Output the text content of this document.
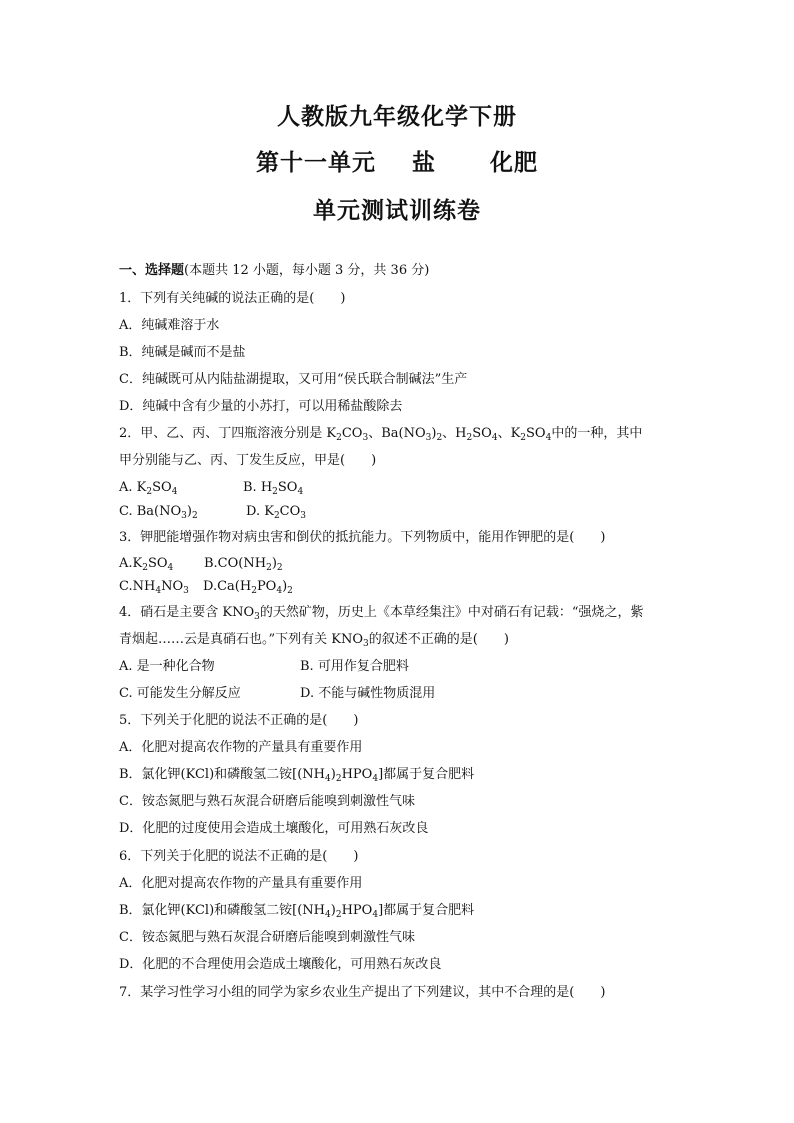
人教版九年级化学下册
第十一单元    盐      化肥
单元测试训练卷
一、选择题(本题共 12 小题，每小题 3 分，共 36 分)
1．下列有关纯碱的说法正确的是(　　)
A．纯碱难溶于水
B．纯碱是碱而不是盐
C．纯碱既可从内陆盐湖提取，又可用“侯氏联合制碱法”生产
D．纯碱中含有少量的小苏打，可以用稀盐酸除去
2．甲、乙、丙、丁四瓶溶液分别是 $K_2CO_3$、$Ba(NO_3)_2$、$H_2SO_4$、$K_2SO_4$中的一种，其中
甲分别能与乙、丙、丁发生反应，甲是(　　)
A. $K_2SO_4$	B. $H_2SO_4$
C. $Ba(NO_3)_2$	D. $K_2CO_3$
3．钾肥能增强作物对病虫害和倒伏的抵抗能力。下列物质中，能用作钾肥的是(　　)
$A.K_2SO_4$ $B.CO(NH_2)_2$
$C.NH_4NO_3$ $D.Ca(H_2PO_4)_2$
4．硝石是主要含 $KNO_3$的天然矿物，历史上《本草经集注》中对硝石有记载：“强烧之，紫
青烟起……云是真硝石也。”下列有关 $KNO_3$的叙述不正确的是(　　)
A. 是一种化合物	B. 可用作复合肥料
C. 可能发生分解反应	D. 不能与碱性物质混用
5．下列关于化肥的说法不正确的是(　　)
A．化肥对提高农作物的产量具有重要作用
B．氯化钾(KCl)和磷酸氢二铵$[(NH_4)_2HPO_4]$都属于复合肥料
C．铵态氮肥与熟石灰混合研磨后能嗅到刺激性气味
D．化肥的过度使用会造成土壤酸化，可用熟石灰改良
6．下列关于化肥的说法不正确的是(　　)
A．化肥对提高农作物的产量具有重要作用
B．氯化钾(KCl)和磷酸氢二铵$[(NH_4)_2HPO_4]$都属于复合肥料
C．铵态氮肥与熟石灰混合研磨后能嗅到刺激性气味
D．化肥的不合理使用会造成土壤酸化，可用熟石灰改良
7．某学习性学习小组的同学为家乡农业生产提出了下列建议，其中不合理的是(　　)
